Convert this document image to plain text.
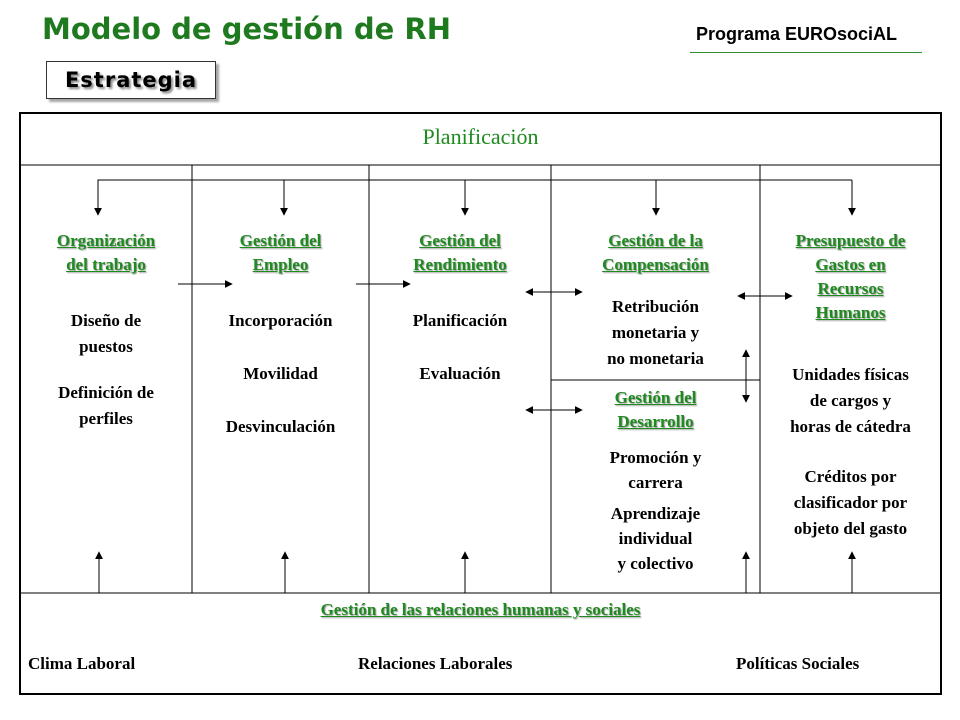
Modelo de gestión de RH	Programa EUROsociAL
Estrategia
Planificación
Organización
del trabajo
Diseño de
puestos
Definición de
perfiles
Gestión del
Empleo
Incorporación
Movilidad
Desvinculación
Gestión del
Rendimiento
Planificación
Evaluación
Gestión de la
Compensación
Retribución
monetaria y
no monetaria
Gestión del
Desarrollo
Promoción y
carrera
Aprendizaje
individual
y colectivo
Presupuesto de
Gastos en
Recursos
Humanos
Unidades físicas
de cargos y
horas de cátedra
Créditos por
clasificador por
objeto del gasto
Gestión de las relaciones humanas y sociales
Clima Laboral	Relaciones Laborales	Políticas Sociales
